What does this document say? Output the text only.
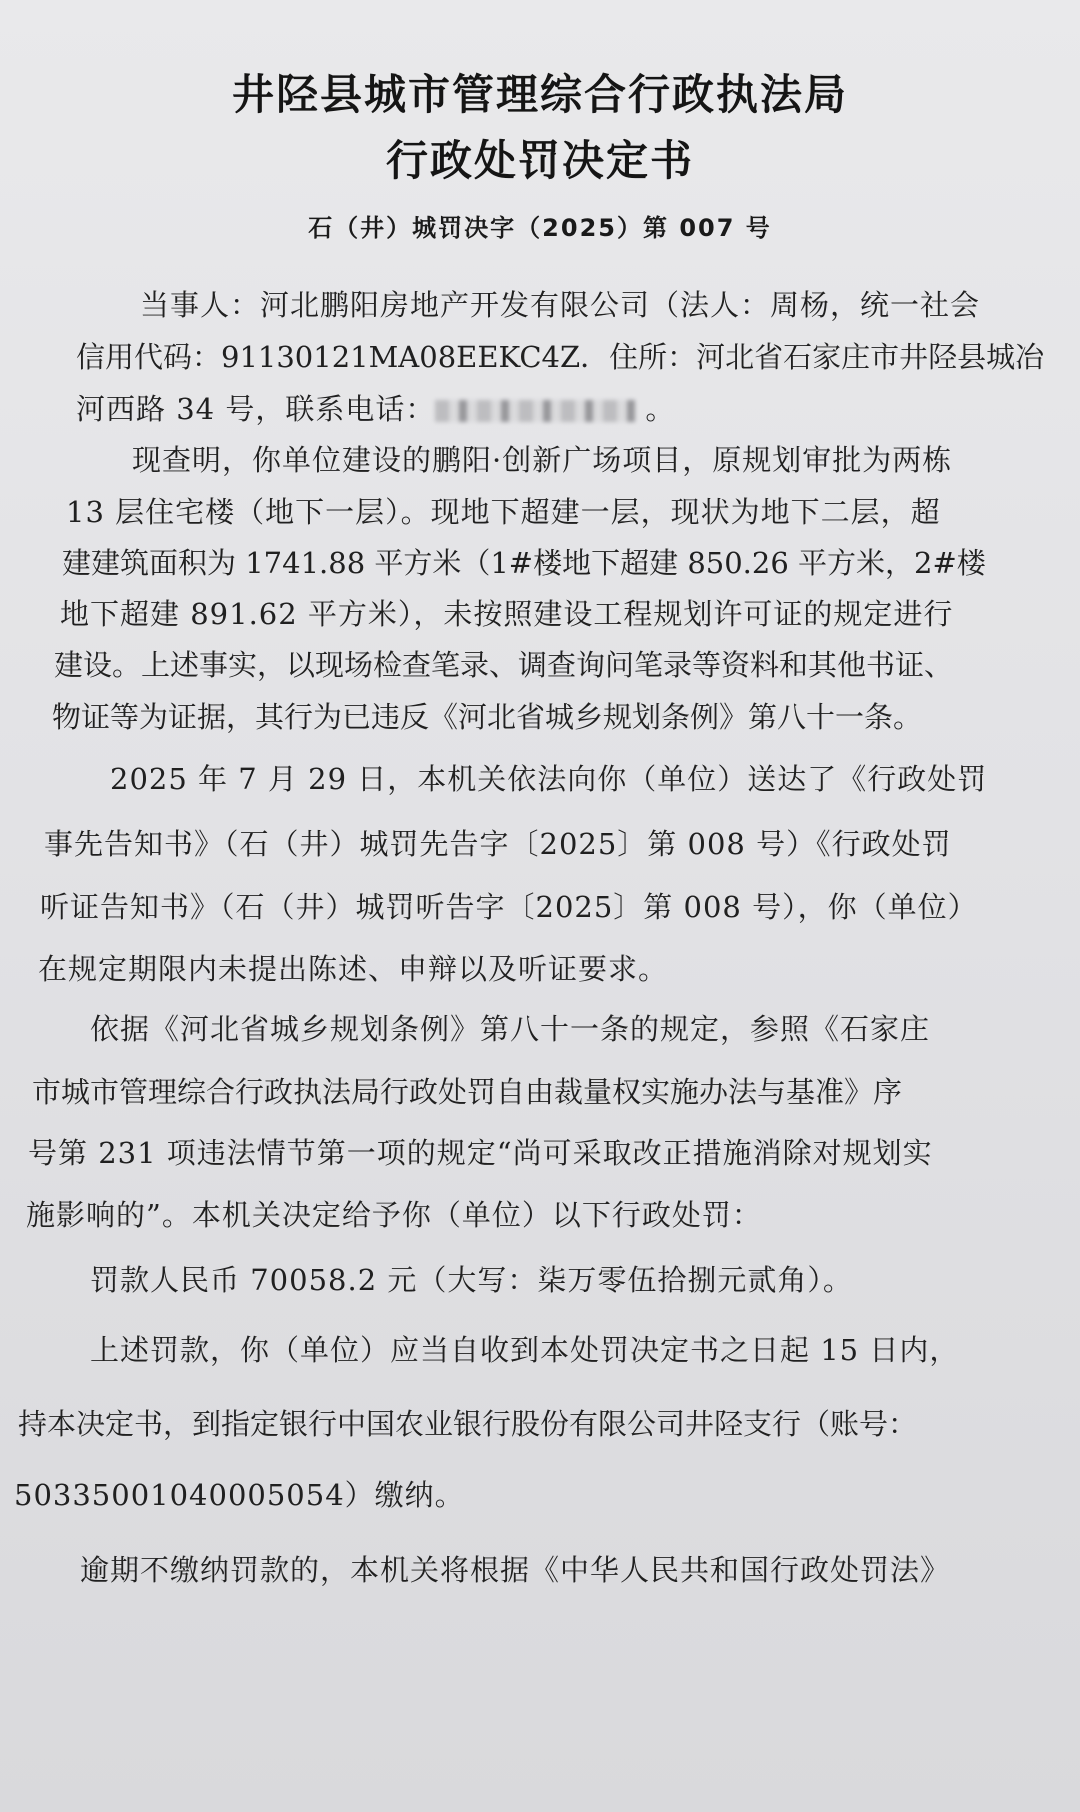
井陉县城市管理综合行政执法局
行政处罚决定书
石（井）城罚决字（2025）第 007 号
当事人：河北鹏阳房地产开发有限公司（法人：周杨，统一社会
信用代码：91130121MA08EEKC4Z．住所：河北省石家庄市井陉县城冶
河西路 34 号，联系电话：	。
现查明，你单位建设的鹏阳·创新广场项目，原规划审批为两栋
13 层住宅楼（地下一层）。现地下超建一层，现状为地下二层，超
建建筑面积为 1741.88 平方米（1#楼地下超建 850.26 平方米，2#楼
地下超建 891.62 平方米），未按照建设工程规划许可证的规定进行
建设。上述事实，以现场检查笔录、调查询问笔录等资料和其他书证、
物证等为证据，其行为已违反《河北省城乡规划条例》第八十一条。
2025 年 7 月 29 日，本机关依法向你（单位）送达了《行政处罚
事先告知书》（石（井）城罚先告字〔2025〕第 008 号）《行政处罚
听证告知书》（石（井）城罚听告字〔2025〕第 008 号），你（单位）
在规定期限内未提出陈述、申辩以及听证要求。
依据《河北省城乡规划条例》第八十一条的规定，参照《石家庄
市城市管理综合行政执法局行政处罚自由裁量权实施办法与基准》序
号第 231 项违法情节第一项的规定“尚可采取改正措施消除对规划实
施影响的”。本机关决定给予你（单位）以下行政处罚：
罚款人民币 70058.2 元（大写：柒万零伍拾捌元贰角）。
上述罚款，你（单位）应当自收到本处罚决定书之日起 15 日内，
持本决定书，到指定银行中国农业银行股份有限公司井陉支行（账号：
50335001040005054）缴纳。
逾期不缴纳罚款的，本机关将根据《中华人民共和国行政处罚法》
